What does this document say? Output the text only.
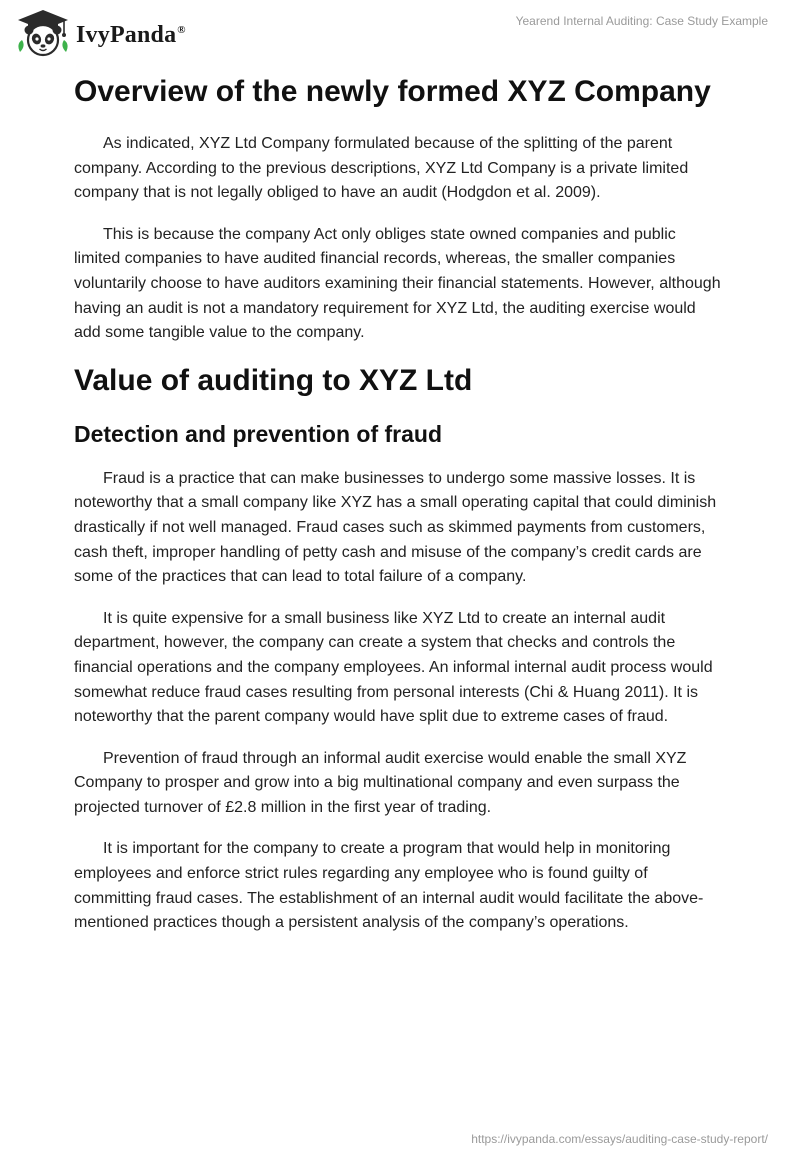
IvyPanda®
Yearend Internal Auditing: Case Study Example
Overview of the newly formed XYZ Company

As indicated, XYZ Ltd Company formulated because of the splitting of the parent company. According to the previous descriptions, XYZ Ltd Company is a private limited company that is not legally obliged to have an audit (Hodgdon et al. 2009).

This is because the company Act only obliges state owned companies and public limited companies to have audited financial records, whereas, the smaller companies voluntarily choose to have auditors examining their financial statements. However, although having an audit is not a mandatory requirement for XYZ Ltd, the auditing exercise would add some tangible value to the company.

Value of auditing to XYZ Ltd
Detection and prevention of fraud

Fraud is a practice that can make businesses to undergo some massive losses. It is noteworthy that a small company like XYZ has a small operating capital that could diminish drastically if not well managed. Fraud cases such as skimmed payments from customers, cash theft, improper handling of petty cash and misuse of the company’s credit cards are some of the practices that can lead to total failure of a company.

It is quite expensive for a small business like XYZ Ltd to create an internal audit department, however, the company can create a system that checks and controls the financial operations and the company employees. An informal internal audit process would somewhat reduce fraud cases resulting from personal interests (Chi & Huang 2011). It is noteworthy that the parent company would have split due to extreme cases of fraud.

Prevention of fraud through an informal audit exercise would enable the small XYZ Company to prosper and grow into a big multinational company and even surpass the projected turnover of £2.8 million in the first year of trading.

It is important for the company to create a program that would help in monitoring employees and enforce strict rules regarding any employee who is found guilty of committing fraud cases. The establishment of an internal audit would facilitate the above-mentioned practices though a persistent analysis of the company’s operations.

https://ivypanda.com/essays/auditing-case-study-report/
